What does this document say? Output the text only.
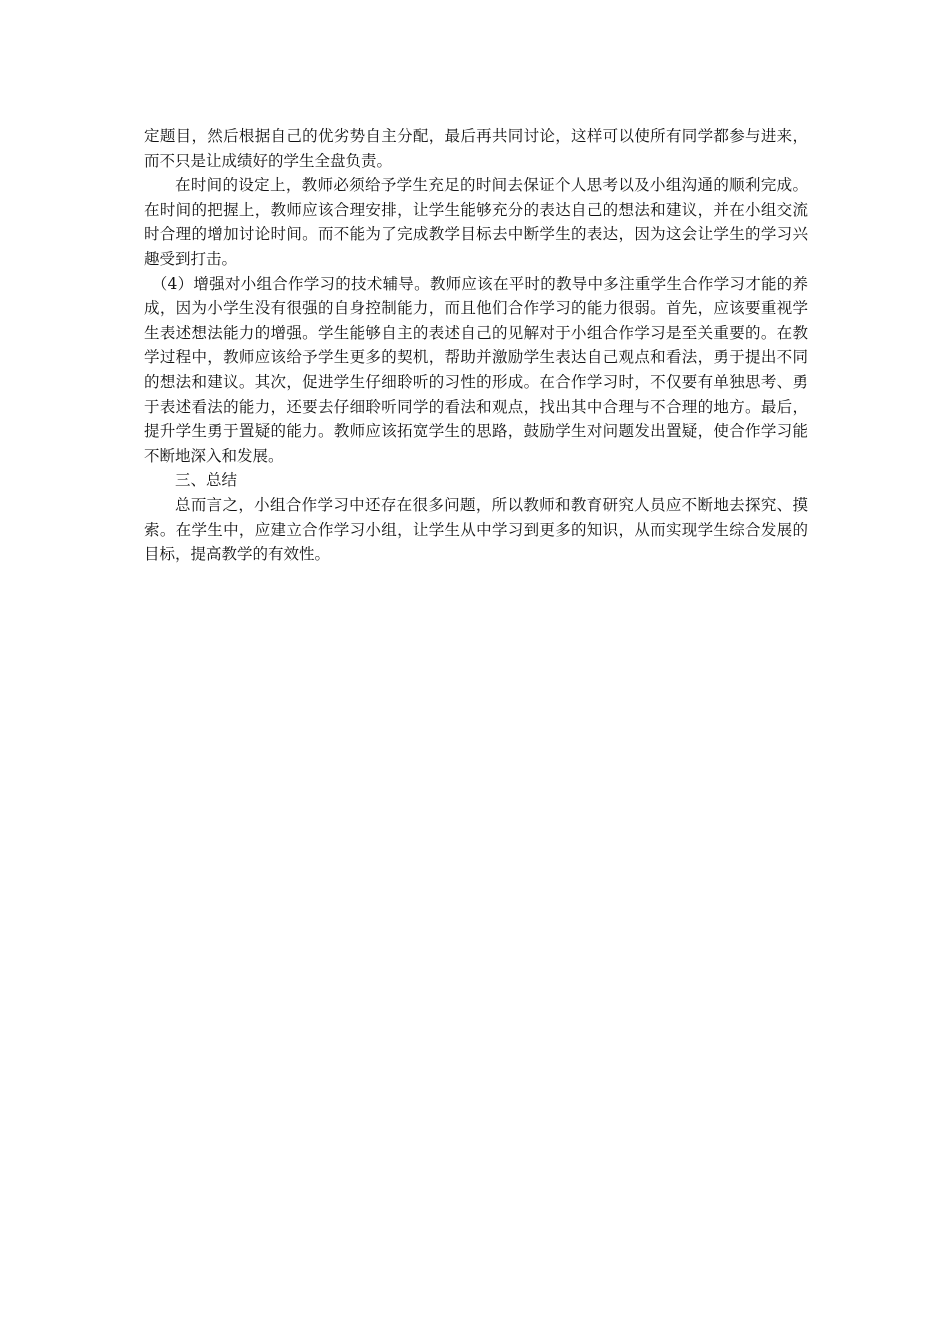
定题目，然后根据自己的优劣势自主分配，最后再共同讨论，这样可以使所有同学都参与进来，而不只是让成绩好的学生全盘负责。

在时间的设定上，教师必须给予学生充足的时间去保证个人思考以及小组沟通的顺利完成。在时间的把握上，教师应该合理安排，让学生能够充分的表达自己的想法和建议，并在小组交流时合理的增加讨论时间。而不能为了完成教学目标去中断学生的表达，因为这会让学生的学习兴趣受到打击。

（4）增强对小组合作学习的技术辅导。教师应该在平时的教导中多注重学生合作学习才能的养成，因为小学生没有很强的自身控制能力，而且他们合作学习的能力很弱。首先，应该要重视学生表述想法能力的增强。学生能够自主的表述自己的见解对于小组合作学习是至关重要的。在教学过程中，教师应该给予学生更多的契机，帮助并激励学生表达自己观点和看法，勇于提出不同的想法和建议。其次，促进学生仔细聆听的习性的形成。在合作学习时，不仅要有单独思考、勇于表述看法的能力，还要去仔细聆听同学的看法和观点，找出其中合理与不合理的地方。最后，提升学生勇于置疑的能力。教师应该拓宽学生的思路，鼓励学生对问题发出置疑，使合作学习能不断地深入和发展。

三、总结

总而言之，小组合作学习中还存在很多问题，所以教师和教育研究人员应不断地去探究、摸索。在学生中，应建立合作学习小组，让学生从中学习到更多的知识，从而实现学生综合发展的目标，提高教学的有效性。
